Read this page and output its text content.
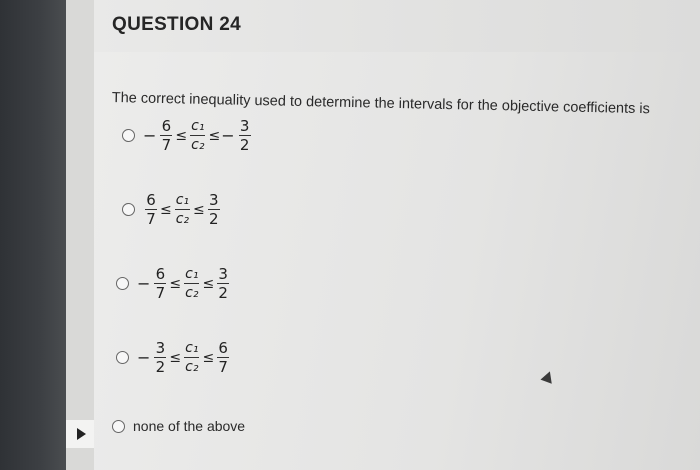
QUESTION 24
The correct inequality used to determine the intervals for the objective coefficients is
− $\frac{6}{7} \le \frac{\text{c₁}}{\text{c₂}}$ ≤ − $\frac{3}{2}$
$\frac{6}{7} \le \frac{\text{c₁}}{\text{c₂}} \le \frac{3}{2}$
− $\frac{6}{7} \le \frac{\text{c₁}}{\text{c₂}} \le \frac{3}{2}$
− $\frac{3}{2} \le \frac{\text{c₁}}{\text{c₂}} \le \frac{6}{7}$
none of the above
